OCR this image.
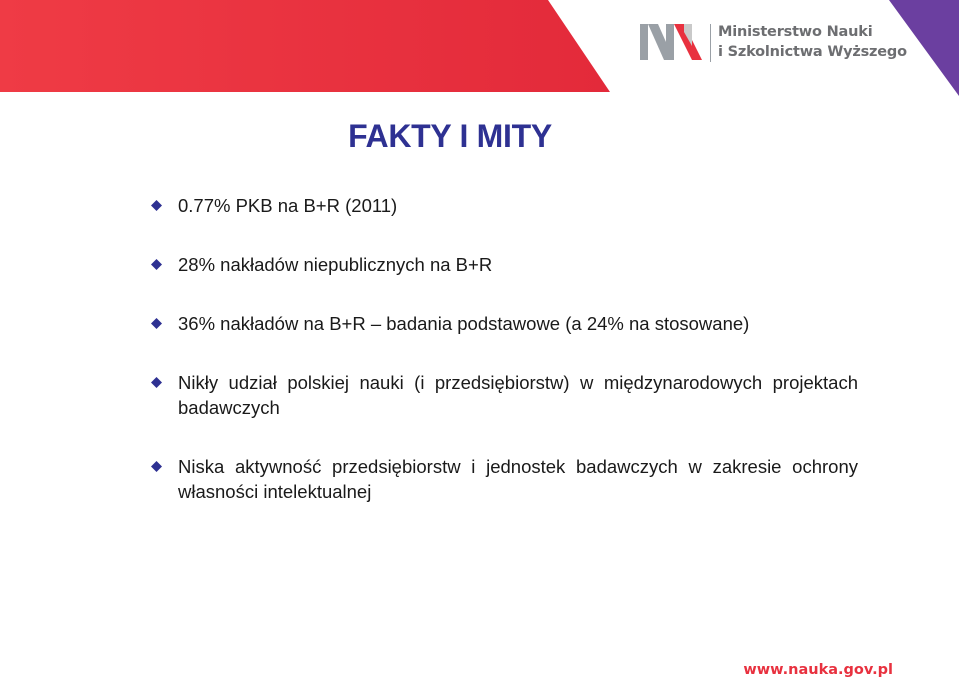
Ministerstwo Nauki
i Szkolnictwa Wyższego
FAKTY I MITY
0.77% PKB na B+R (2011)
28% nakładów niepublicznych na B+R
36% nakładów na B+R – badania podstawowe (a 24% na stosowane)
Nikły udział polskiej nauki (i przedsiębiorstw) w międzynarodowych projektach badawczych
Niska aktywność przedsiębiorstw i jednostek badawczych w zakresie ochrony własności intelektualnej
www.nauka.gov.pl
